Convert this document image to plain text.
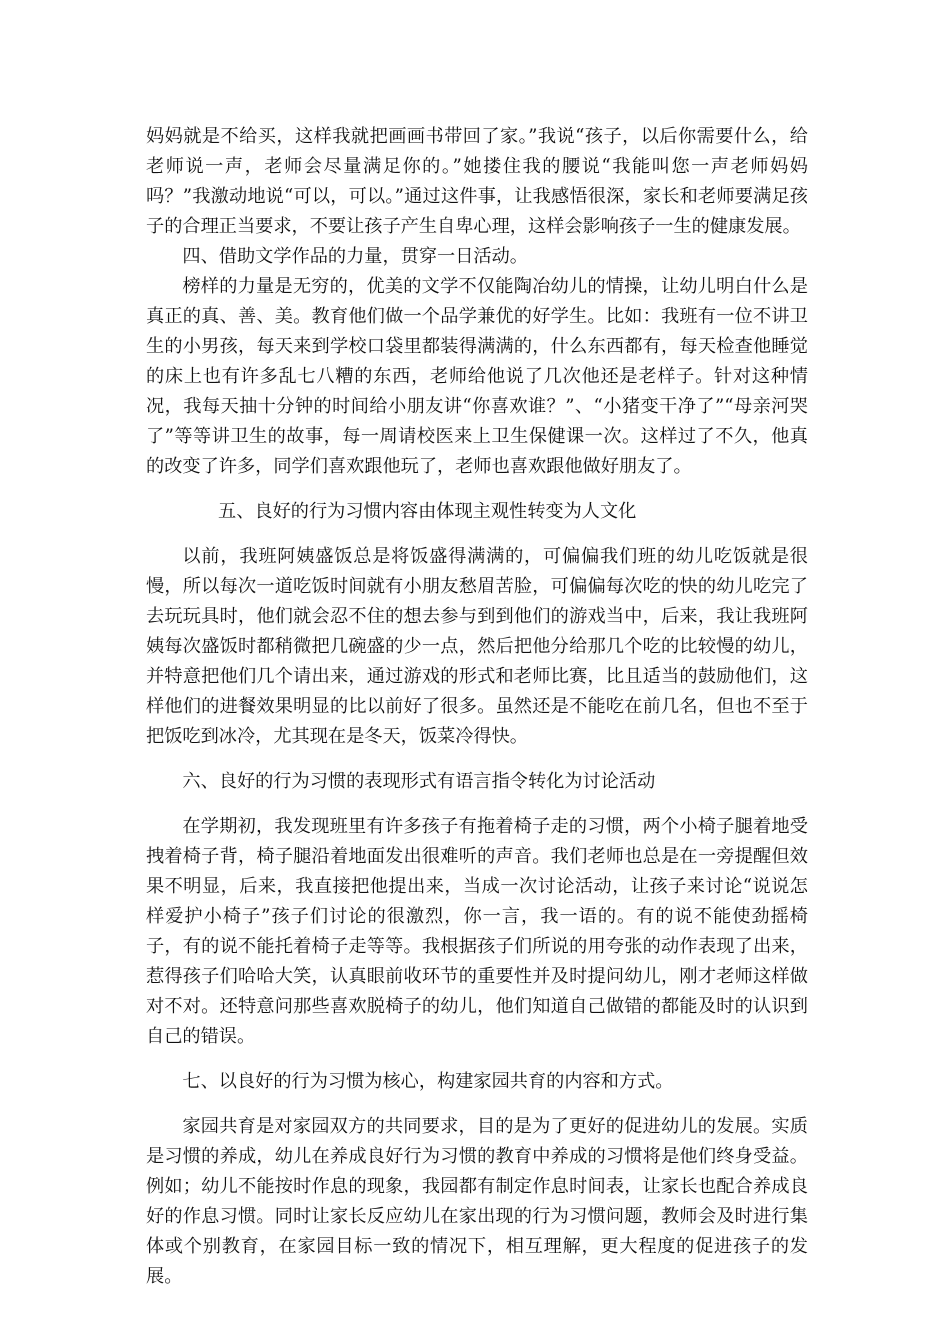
妈妈就是不给买，这样我就把画画书带回了家。”我说“孩子，以后你需要什么，给老师说一声，老师会尽量满足你的。”她搂住我的腰说“我能叫您一声老师妈妈吗？”我激动地说“可以，可以。”通过这件事，让我感悟很深，家长和老师要满足孩子的合理正当要求，不要让孩子产生自卑心理，这样会影响孩子一生的健康发展。

四、借助文学作品的力量，贯穿一日活动。

榜样的力量是无穷的，优美的文学不仅能陶冶幼儿的情操，让幼儿明白什么是真正的真、善、美。教育他们做一个品学兼优的好学生。比如：我班有一位不讲卫生的小男孩，每天来到学校口袋里都装得满满的，什么东西都有，每天检查他睡觉的床上也有许多乱七八糟的东西，老师给他说了几次他还是老样子。针对这种情况，我每天抽十分钟的时间给小朋友讲“你喜欢谁？”、“小猪变干净了”“母亲河哭了”等等讲卫生的故事，每一周请校医来上卫生保健课一次。这样过了不久，他真的改变了许多，同学们喜欢跟他玩了，老师也喜欢跟他做好朋友了。

五、良好的行为习惯内容由体现主观性转变为人文化

以前，我班阿姨盛饭总是将饭盛得满满的，可偏偏我们班的幼儿吃饭就是很慢，所以每次一道吃饭时间就有小朋友愁眉苦脸，可偏偏每次吃的快的幼儿吃完了去玩玩具时，他们就会忍不住的想去参与到到他们的游戏当中，后来，我让我班阿姨每次盛饭时都稍微把几碗盛的少一点，然后把他分给那几个吃的比较慢的幼儿，并特意把他们几个请出来，通过游戏的形式和老师比赛，比且适当的鼓励他们，这样他们的进餐效果明显的比以前好了很多。虽然还是不能吃在前几名，但也不至于把饭吃到冰冷，尤其现在是冬天，饭菜冷得快。

六、良好的行为习惯的表现形式有语言指令转化为讨论活动

在学期初，我发现班里有许多孩子有拖着椅子走的习惯，两个小椅子腿着地受拽着椅子背，椅子腿沿着地面发出很难听的声音。我们老师也总是在一旁提醒但效果不明显，后来，我直接把他提出来，当成一次讨论活动，让孩子来讨论“说说怎样爱护小椅子”孩子们讨论的很激烈，你一言，我一语的。有的说不能使劲摇椅子，有的说不能托着椅子走等等。我根据孩子们所说的用夸张的动作表现了出来，惹得孩子们哈哈大笑，认真眼前收环节的重要性并及时提问幼儿，刚才老师这样做对不对。还特意问那些喜欢脱椅子的幼儿，他们知道自己做错的都能及时的认识到自己的错误。

七、以良好的行为习惯为核心，构建家园共育的内容和方式。

家园共育是对家园双方的共同要求，目的是为了更好的促进幼儿的发展。实质是习惯的养成，幼儿在养成良好行为习惯的教育中养成的习惯将是他们终身受益。例如；幼儿不能按时作息的现象，我园都有制定作息时间表，让家长也配合养成良好的作息习惯。同时让家长反应幼儿在家出现的行为习惯问题，教师会及时进行集体或个别教育，在家园目标一致的情况下，相互理解，更大程度的促进孩子的发展。
